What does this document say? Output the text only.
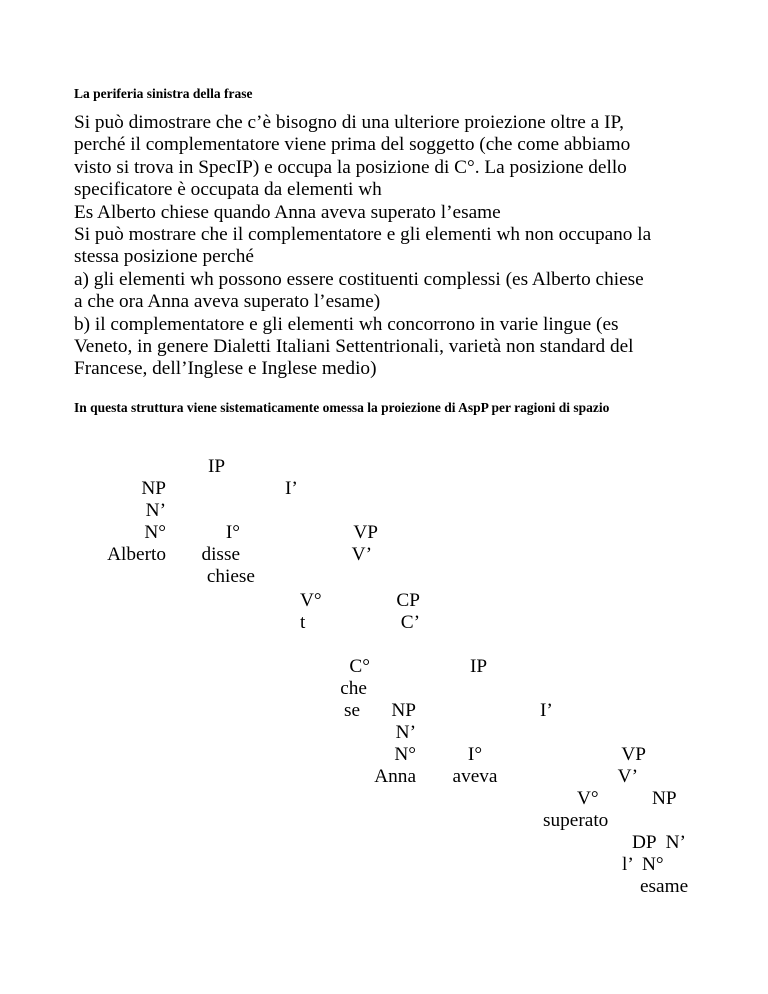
La periferia sinistra della frase
Si può dimostrare che c’è bisogno di una ulteriore proiezione oltre a IP,
perché il complementatore viene prima del soggetto (che come abbiamo
visto si trova in SpecIP) e occupa la posizione di C°. La posizione dello
specificatore è occupata da elementi wh
Es Alberto chiese quando Anna aveva superato l’esame
Si può mostrare che il complementatore e gli elementi wh non occupano la
stessa posizione perché
a) gli elementi wh possono essere costituenti complessi (es Alberto chiese
a che ora Anna aveva superato l’esame)
b) il complementatore e gli elementi wh concorrono in varie lingue (es
Veneto, in genere Dialetti Italiani Settentrionali, varietà non standard del
Francese, dell’Inglese e Inglese medio)
In questa struttura viene sistematicamente omessa la proiezione di AspP per ragioni di spazio
IP
NP
N’
N°
Alberto
I’
I°
disse
chiese
VP
V’
V°
t
CP
C’
C°
che
se
IP
NP
N’
N°
Anna
I’
I°
aveva
VP
V’
V°
superato
NP
DP  N’
l’  N°
esame
